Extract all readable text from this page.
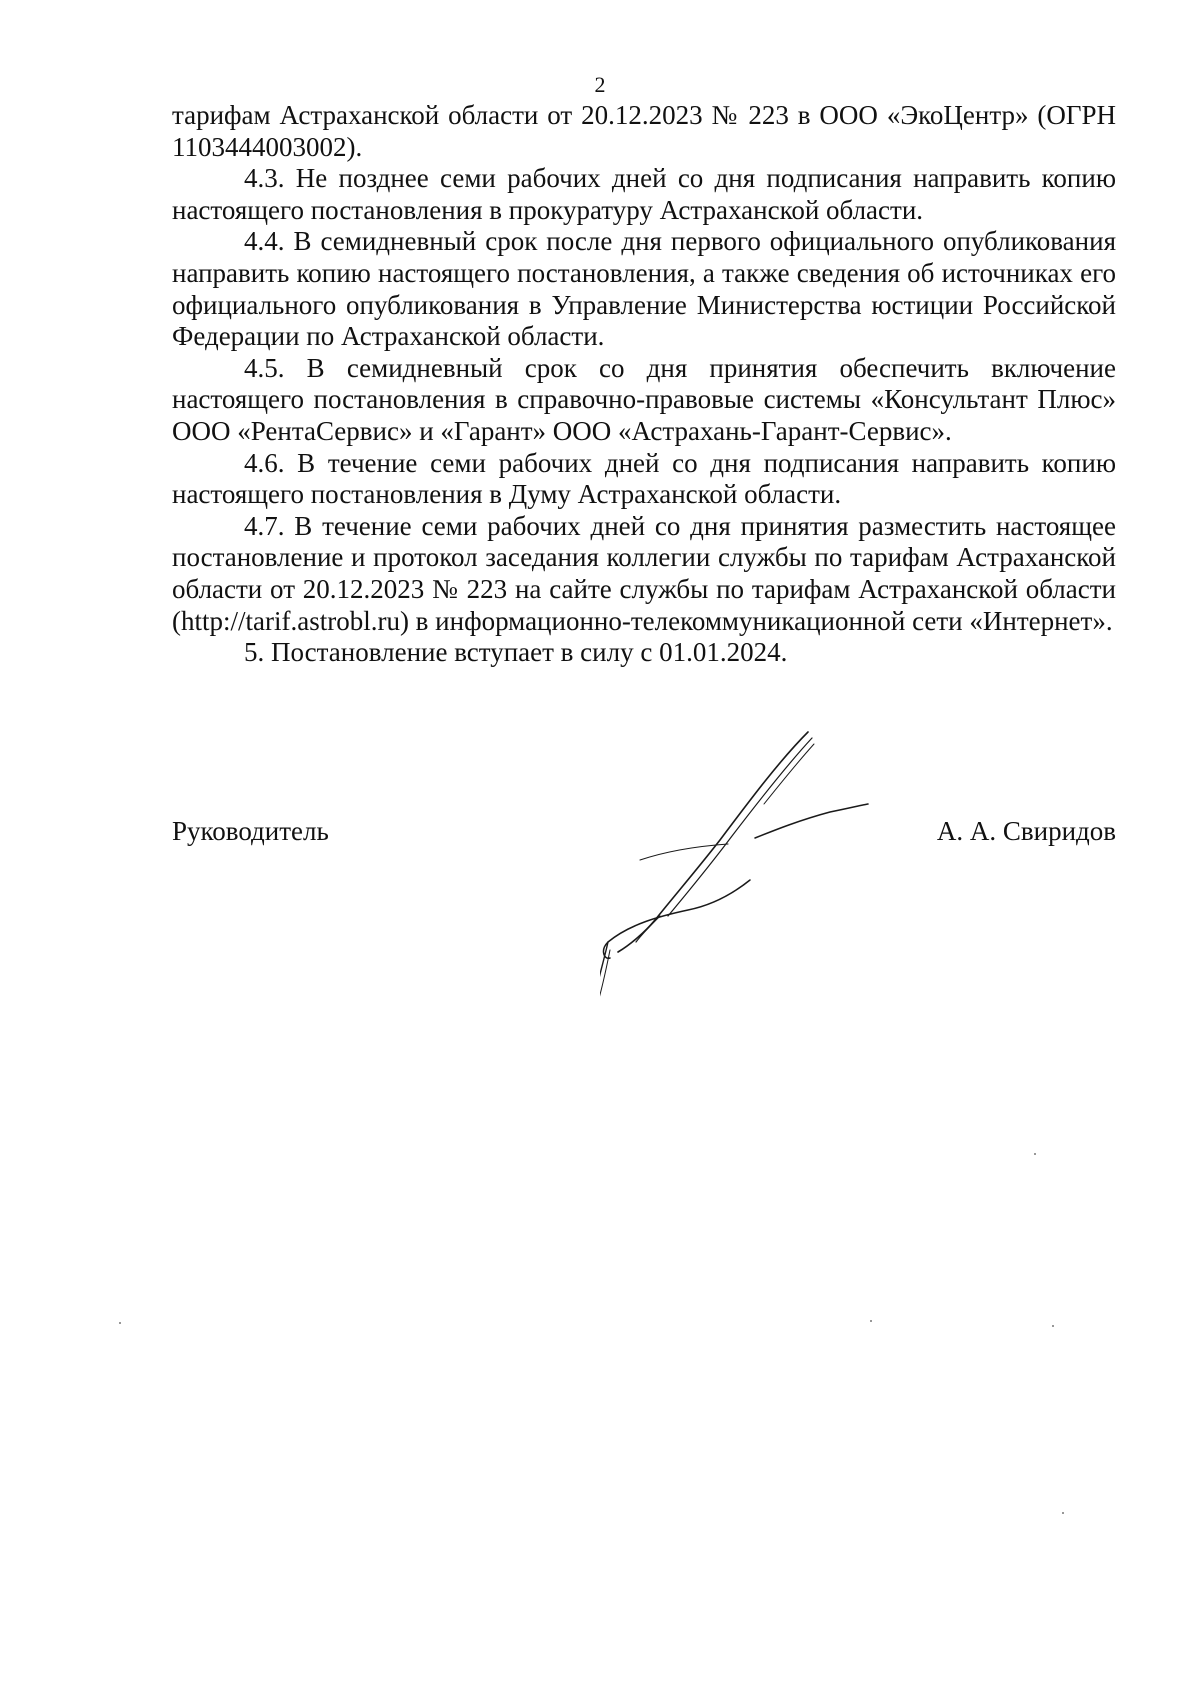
2

тарифам Астраханской области от 20.12.2023 № 223 в ООО «ЭкоЦентр» (ОГРН 1103444003002).

4.3. Не позднее семи рабочих дней со дня подписания направить копию настоящего постановления в прокуратуру Астраханской области.

4.4. В семидневный срок после дня первого официального опубликования направить копию настоящего постановления, а также сведения об источниках его официального опубликования в Управление Министерства юстиции Российской Федерации по Астраханской области.

4.5. В семидневный срок со дня принятия обеспечить включение настоящего постановления в справочно-правовые системы «Консультант Плюс» ООО «РентаСервис» и «Гарант» ООО «Астрахань-Гарант-Сервис».

4.6. В течение семи рабочих дней со дня подписания направить копию настоящего постановления в Думу Астраханской области.

4.7. В течение семи рабочих дней со дня принятия разместить настоящее постановление и протокол заседания коллегии службы по тарифам Астраханской области от 20.12.2023 № 223 на сайте службы по тарифам Астраханской области (http://tarif.astrobl.ru) в информационно-телекоммуникационной сети «Интернет».

5. Постановление вступает в силу с 01.01.2024.

Руководитель	А. А. Свиридов
